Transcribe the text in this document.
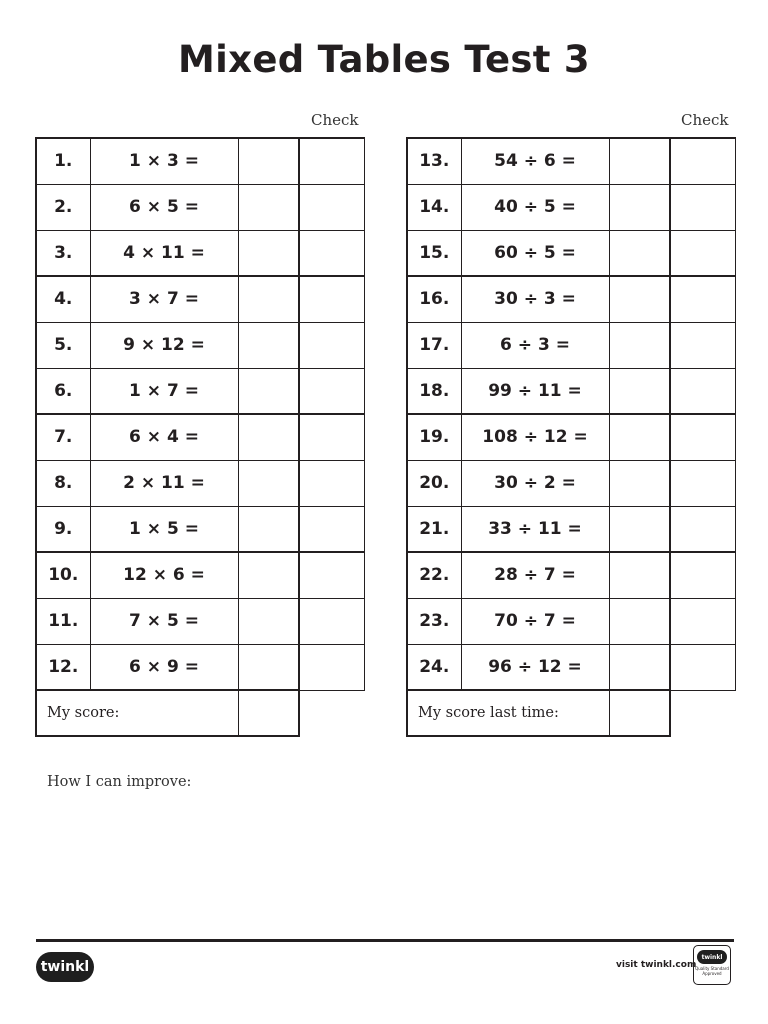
Mixed Tables Test 3
Check	Check
1.	1 × 3 =		
2.	6 × 5 =		
3.	4 × 11 =		
4.	3 × 7 =		
5.	9 × 12 =		
6.	1 × 7 =		
7.	6 × 4 =		
8.	2 × 11 =		
9.	1 × 5 =		
10.	12 × 6 =		
11.	7 × 5 =		
12.	6 × 9 =		
My score:			
13.	54 ÷ 6 =		
14.	40 ÷ 5 =		
15.	60 ÷ 5 =		
16.	30 ÷ 3 =		
17.	6 ÷ 3 =		
18.	99 ÷ 11 =		
19.	108 ÷ 12 =		
20.	30 ÷ 2 =		
21.	33 ÷ 11 =		
22.	28 ÷ 7 =		
23.	70 ÷ 7 =		
24.	96 ÷ 12 =		
My score last time:			
How I can improve:
twinkl	visit twinkl.com
twinkl
Quality Standard Approved
